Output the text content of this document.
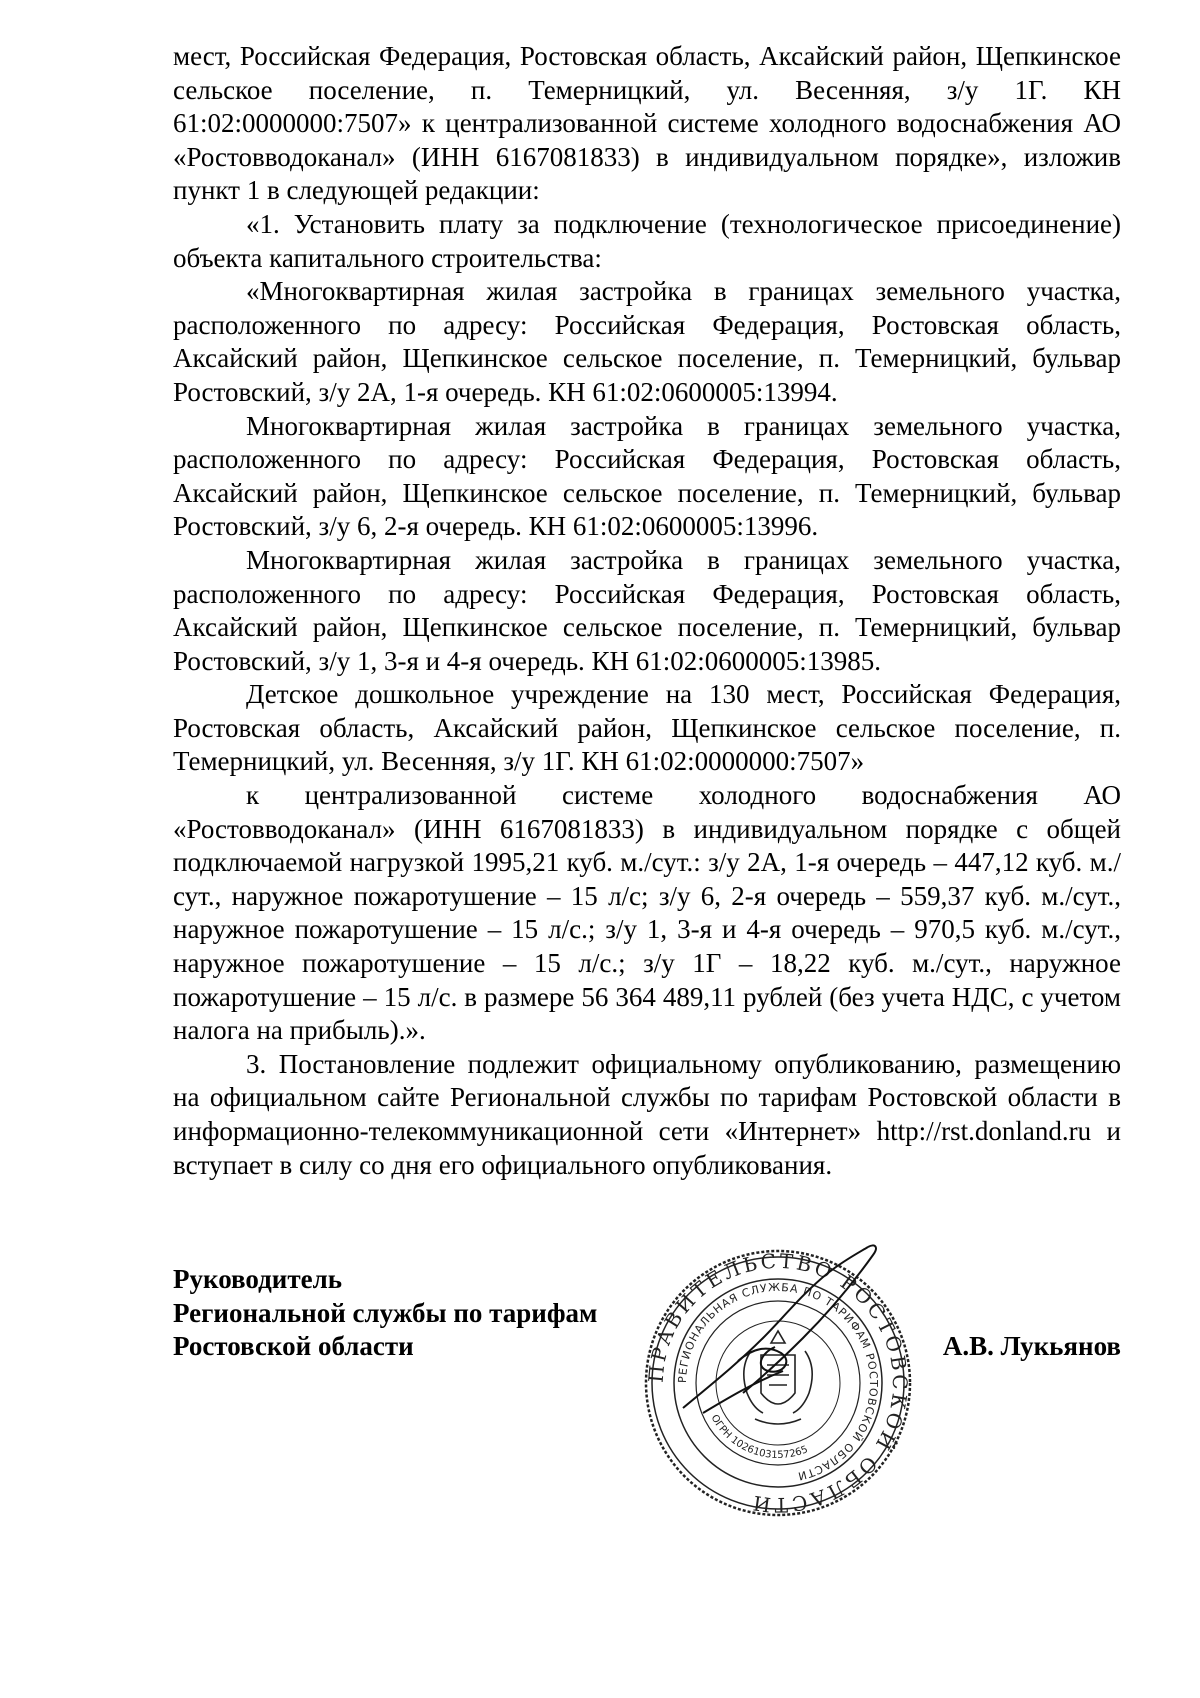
мест, Российская Федерация, Ростовская область, Аксайский район, Щепкинское сельское поселение, п. Темерницкий, ул. Весенняя, з/у 1Г. КН 61:02:0000000:7507» к централизованной системе холодного водоснабжения АО «Ростовводоканал» (ИНН 6167081833) в индивидуальном порядке», изложив пункт 1 в следующей редакции:

«1. Установить плату за подключение (технологическое присоединение) объекта капитального строительства:

«Многоквартирная жилая застройка в границах земельного участка, расположенного по адресу: Российская Федерация, Ростовская область, Аксайский район, Щепкинское сельское поселение, п. Темерницкий, бульвар Ростовский, з/у 2А, 1-я очередь. КН 61:02:0600005:13994.

Многоквартирная жилая застройка в границах земельного участка, расположенного по адресу: Российская Федерация, Ростовская область, Аксайский район, Щепкинское сельское поселение, п. Темерницкий, бульвар Ростовский, з/у 6, 2-я очередь. КН 61:02:0600005:13996.

Многоквартирная жилая застройка в границах земельного участка, расположенного по адресу: Российская Федерация, Ростовская область, Аксайский район, Щепкинское сельское поселение, п. Темерницкий, бульвар Ростовский, з/у 1, 3-я и 4-я очередь. КН 61:02:0600005:13985.

Детское дошкольное учреждение на 130 мест, Российская Федерация, Ростовская область, Аксайский район, Щепкинское сельское поселение, п. Темерницкий, ул. Весенняя, з/у 1Г. КН 61:02:0000000:7507»

к централизованной системе холодного водоснабжения АО «Ростовводоканал» (ИНН 6167081833) в индивидуальном порядке с общей подключаемой нагрузкой 1995,21 куб. м./сут.: з/у 2А, 1-я очередь – 447,12 куб. м./сут., наружное пожаротушение – 15 л/с; з/у 6, 2-я очередь – 559,37 куб. м./сут., наружное пожаротушение – 15 л/с.; з/у 1, 3-я и 4-я очередь – 970,5 куб. м./сут., наружное пожаротушение – 15 л/с.; з/у 1Г – 18,22 куб. м./сут., наружное пожаротушение – 15 л/с. в размере 56 364 489,11 рублей (без учета НДС, с учетом налога на прибыль).».

3. Постановление подлежит официальному опубликованию, размещению на официальном сайте Региональной службы по тарифам Ростовской области в информационно-телекоммуникационной сети «Интернет» http://rst.donland.ru и вступает в силу со дня его официального опубликования.

Руководитель
Региональной службы по тарифам
Ростовской области
ПРАВИТЕЛЬСТВО РОСТОВСКОЙ ОБЛАСТИ
РЕГИОНАЛЬНАЯ СЛУЖБА ПО ТАРИФАМ РОСТОВСКОЙ ОБЛАСТИ
ОГРН 1026103157265
А.В. Лукьянов
